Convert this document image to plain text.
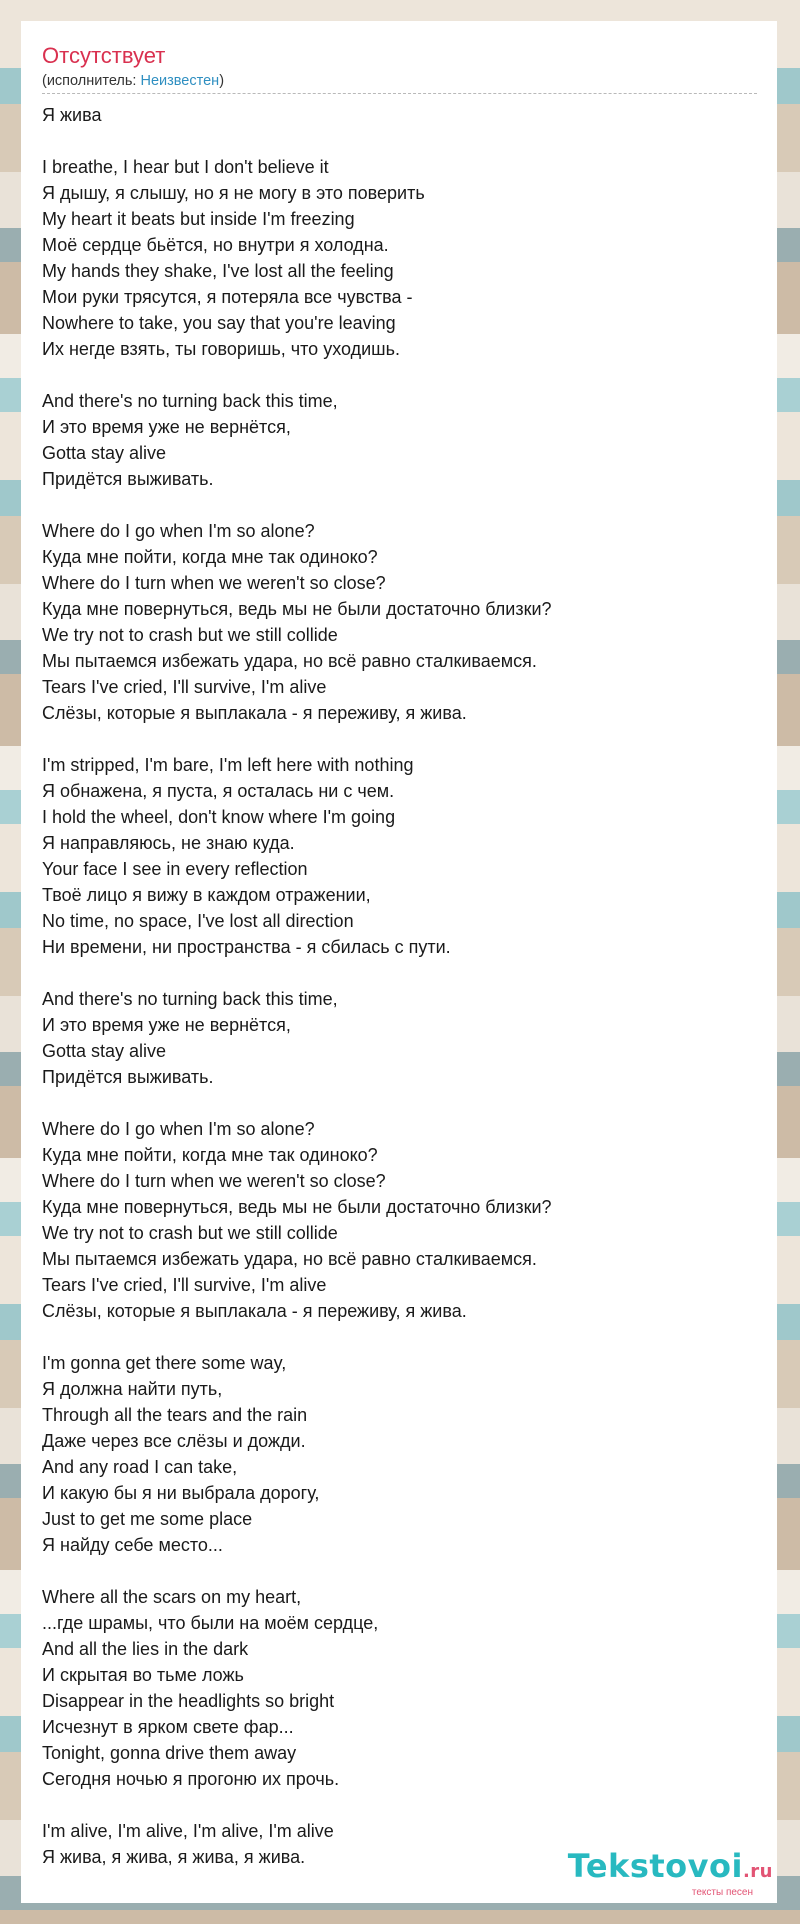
Отсутствует
(исполнитель: Неизвестен)
Я жива
I breathe, I hear but I don't believe it
Я дышу, я слышу, но я не могу в это поверить
My heart it beats but inside I'm freezing
Моё сердце бьётся, но внутри я холодна.
My hands they shake, I've lost all the feeling
Мои руки трясутся, я потеряла все чувства -
Nowhere to take, you say that you're leaving
Их негде взять, ты говоришь, что уходишь.
And there's no turning back this time,
И это время уже не вернётся,
Gotta stay alive
Придётся выживать.
Where do I go when I'm so alone?
Куда мне пойти, когда мне так одиноко?
Where do I turn when we weren't so close?
Куда мне повернуться, ведь мы не были достаточно близки?
We try not to crash but we still collide
Мы пытаемся избежать удара, но всё равно сталкиваемся.
Tears I've cried, I'll survive, I'm alive
Слёзы, которые я выплакала - я переживу, я жива.
I'm stripped, I'm bare, I'm left here with nothing
Я обнажена, я пуста, я осталась ни с чем.
I hold the wheel, don't know where I'm going
Я направляюсь, не знаю куда.
Your face I see in every reflection
Твоё лицо я вижу в каждом отражении,
No time, no space, I've lost all direction
Ни времени, ни пространства - я сбилась с пути.
And there's no turning back this time,
И это время уже не вернётся,
Gotta stay alive
Придётся выживать.
Where do I go when I'm so alone?
Куда мне пойти, когда мне так одиноко?
Where do I turn when we weren't so close?
Куда мне повернуться, ведь мы не были достаточно близки?
We try not to crash but we still collide
Мы пытаемся избежать удара, но всё равно сталкиваемся.
Tears I've cried, I'll survive, I'm alive
Слёзы, которые я выплакала - я переживу, я жива.
I'm gonna get there some way,
Я должна найти путь,
Through all the tears and the rain
Даже через все слёзы и дожди.
And any road I can take,
И какую бы я ни выбрала дорогу,
Just to get me some place
Я найду себе место...
Where all the scars on my heart,
...где шрамы, что были на моём сердце,
And all the lies in the dark
И скрытая во тьме ложь
Disappear in the headlights so bright
Исчезнут в ярком свете фар...
Tonight, gonna drive them away
Сегодня ночью я прогоню их прочь.
I'm alive, I'm alive, I'm alive, I'm alive
Я жива, я жива, я жива, я жива.	Tekstovoi.ru
тексты песен
